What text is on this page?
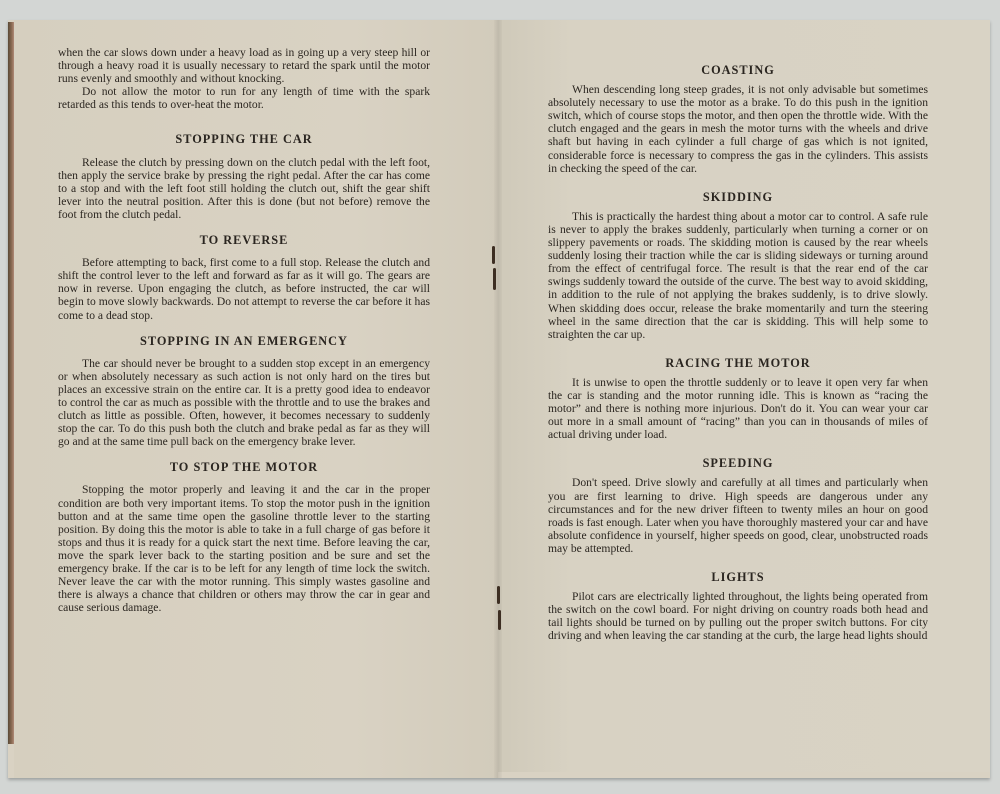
when the car slows down under a heavy load as in going up a very steep hill or through a heavy road it is usually necessary to retard the spark until the motor runs evenly and smoothly and without knocking.

Do not allow the motor to run for any length of time with the spark retarded as this tends to over-heat the motor.

STOPPING THE CAR

Release the clutch by pressing down on the clutch pedal with the left foot, then apply the service brake by pressing the right pedal. After the car has come to a stop and with the left foot still holding the clutch out, shift the gear shift lever into the neutral position. After this is done (but not before) remove the foot from the clutch pedal.

TO REVERSE

Before attempting to back, first come to a full stop. Release the clutch and shift the control lever to the left and forward as far as it will go. The gears are now in reverse. Upon engaging the clutch, as before instructed, the car will begin to move slowly backwards. Do not attempt to reverse the car before it has come to a dead stop.

STOPPING IN AN EMERGENCY

The car should never be brought to a sudden stop except in an emergency or when absolutely necessary as such action is not only hard on the tires but places an excessive strain on the entire car. It is a pretty good idea to endeavor to control the car as much as possible with the throttle and to use the brakes and clutch as little as possible. Often, however, it becomes necessary to suddenly stop the car. To do this push both the clutch and brake pedal as far as they will go and at the same time pull back on the emergency brake lever.

TO STOP THE MOTOR

Stopping the motor properly and leaving it and the car in the proper condition are both very important items. To stop the motor push in the ignition button and at the same time open the gasoline throttle lever to the starting position. By doing this the motor is able to take in a full charge of gas before it stops and thus it is ready for a quick start the next time. Before leaving the car, move the spark lever back to the starting position and be sure and set the emergency brake. If the car is to be left for any length of time lock the switch. Never leave the car with the motor running. This simply wastes gasoline and there is always a chance that children or others may throw the car in gear and cause serious damage.

COASTING

When descending long steep grades, it is not only advisable but sometimes absolutely necessary to use the motor as a brake. To do this push in the ignition switch, which of course stops the motor, and then open the throttle wide. With the clutch engaged and the gears in mesh the motor turns with the wheels and drive shaft but having in each cylinder a full charge of gas which is not ignited, considerable force is necessary to compress the gas in the cylinders. This assists in checking the speed of the car.

SKIDDING

This is practically the hardest thing about a motor car to control. A safe rule is never to apply the brakes suddenly, particularly when turning a corner or on slippery pavements or roads. The skidding motion is caused by the rear wheels suddenly losing their traction while the car is sliding sideways or turning around from the effect of centrifugal force. The result is that the rear end of the car swings suddenly toward the outside of the curve. The best way to avoid skidding, in addition to the rule of not applying the brakes suddenly, is to drive slowly. When skidding does occur, release the brake momentarily and turn the steering wheel in the same direction that the car is skidding. This will help some to straighten the car up.

RACING THE MOTOR

It is unwise to open the throttle suddenly or to leave it open very far when the car is standing and the motor running idle. This is known as “racing the motor” and there is nothing more injurious. Don't do it. You can wear your car out more in a small amount of “racing” than you can in thousands of miles of actual driving under load.

SPEEDING

Don't speed. Drive slowly and carefully at all times and particularly when you are first learning to drive. High speeds are dangerous under any circumstances and for the new driver fifteen to twenty miles an hour on good roads is fast enough. Later when you have thoroughly mastered your car and have absolute confidence in yourself, higher speeds on good, clear, unobstructed roads may be attempted.

LIGHTS

Pilot cars are electrically lighted throughout, the lights being operated from the switch on the cowl board. For night driving on country roads both head and tail lights should be turned on by pulling out the proper switch buttons. For city driving and when leaving the car standing at the curb, the large head lights should
